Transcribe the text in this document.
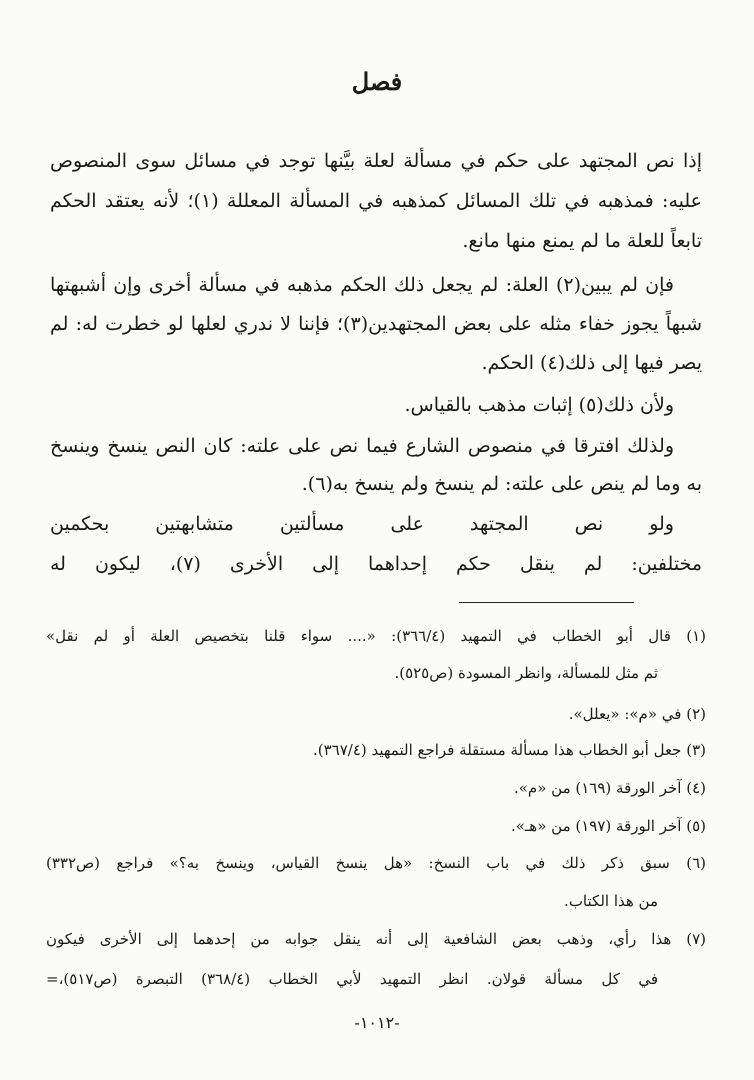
فصل
إذا نص المجتهد على حكم في مسألة لعلة بيَّنها توجد في مسائل سوى المنصوص
عليه: فمذهبه في تلك المسائل كمذهبه في المسألة المعللة (١)؛ لأنه يعتقد الحكم
تابعاً للعلة ما لم يمنع منها مانع.
فإن لم يبين(٢) العلة: لم يجعل ذلك الحكم مذهبه في مسألة أخرى وإن أشبهتها
شبهاً يجوز خفاء مثله على بعض المجتهدين(٣)؛ فإننا لا ندري لعلها لو خطرت له: لم
يصر فيها إلى ذلك(٤) الحكم.
ولأن ذلك(٥) إثبات مذهب بالقياس.
ولذلك افترقا في منصوص الشارع فيما نص على علته: كان النص ينسخ وينسخ
به وما لم ينص على علته: لم ينسخ ولم ينسخ به(٦).
ولو نص المجتهد على مسألتين متشابهتين بحكمين
مختلفين: لم ينقل حكم إحداهما إلى الأخرى (٧)، ليكون له
(١) قال أبو الخطاب في التمهيد (٣٦٦/٤): «.... سواء قلنا بتخصيص العلة أو لم نقل»
ثم مثل للمسألة، وانظر المسودة (ص٥٢٥).
(٢) في «م»: «يعلل».
(٣) جعل أبو الخطاب هذا مسألة مستقلة فراجع التمهيد (٣٦٧/٤).
(٤) آخر الورقة (١٦٩) من «م».
(٥) آخر الورقة (١٩٧) من «هـ».
(٦) سبق ذكر ذلك في باب النسخ: «هل ينسخ القياس، وينسخ به؟» فراجع (ص٣٣٢)
من هذا الكتاب.
(٧) هذا رأي، وذهب بعض الشافعية إلى أنه ينقل جوابه من إحدهما إلى الأخرى فيكون
في كل مسألة قولان. انظر التمهيد لأبي الخطاب (٣٦٨/٤) التبصرة (ص٥١٧)،=
-١٠١٢-
